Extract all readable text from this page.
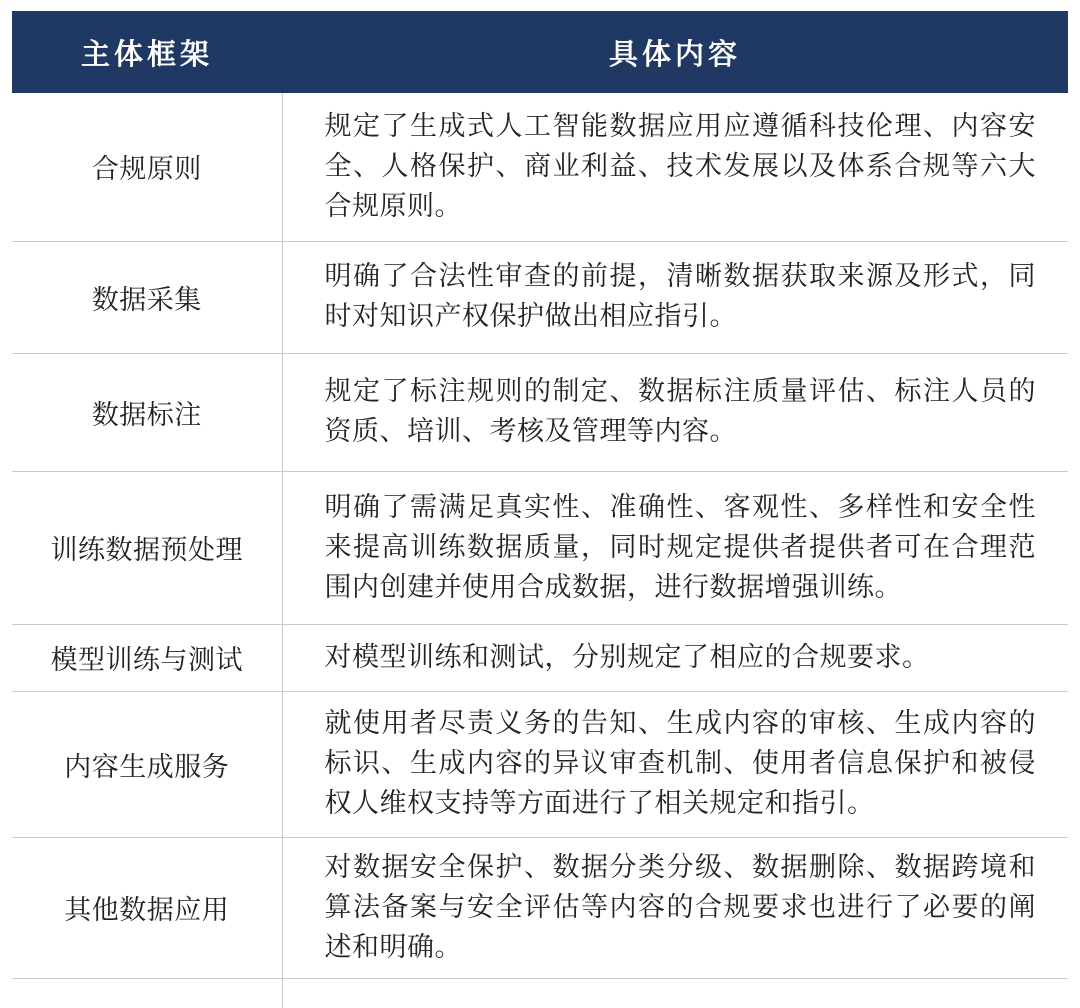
主体框架	具体内容
合规原则	规定了生成式人工智能数据应用应遵循科技伦理、内容安全、人格保护、商业利益、技术发展以及体系合规等六大合规原则。
数据采集	明确了合法性审查的前提，清晰数据获取来源及形式，同时对知识产权保护做出相应指引。
数据标注	规定了标注规则的制定、数据标注质量评估、标注人员的资质、培训、考核及管理等内容。
训练数据预处理	明确了需满足真实性、准确性、客观性、多样性和安全性来提高训练数据质量，同时规定提供者提供者可在合理范围内创建并使用合成数据，进行数据增强训练。
模型训练与测试	对模型训练和测试，分别规定了相应的合规要求。
内容生成服务	就使用者尽责义务的告知、生成内容的审核、生成内容的标识、生成内容的异议审查机制、使用者信息保护和被侵权人维权支持等方面进行了相关规定和指引。
其他数据应用	对数据安全保护、数据分类分级、数据删除、数据跨境和算法备案与安全评估等内容的合规要求也进行了必要的阐述和明确。
